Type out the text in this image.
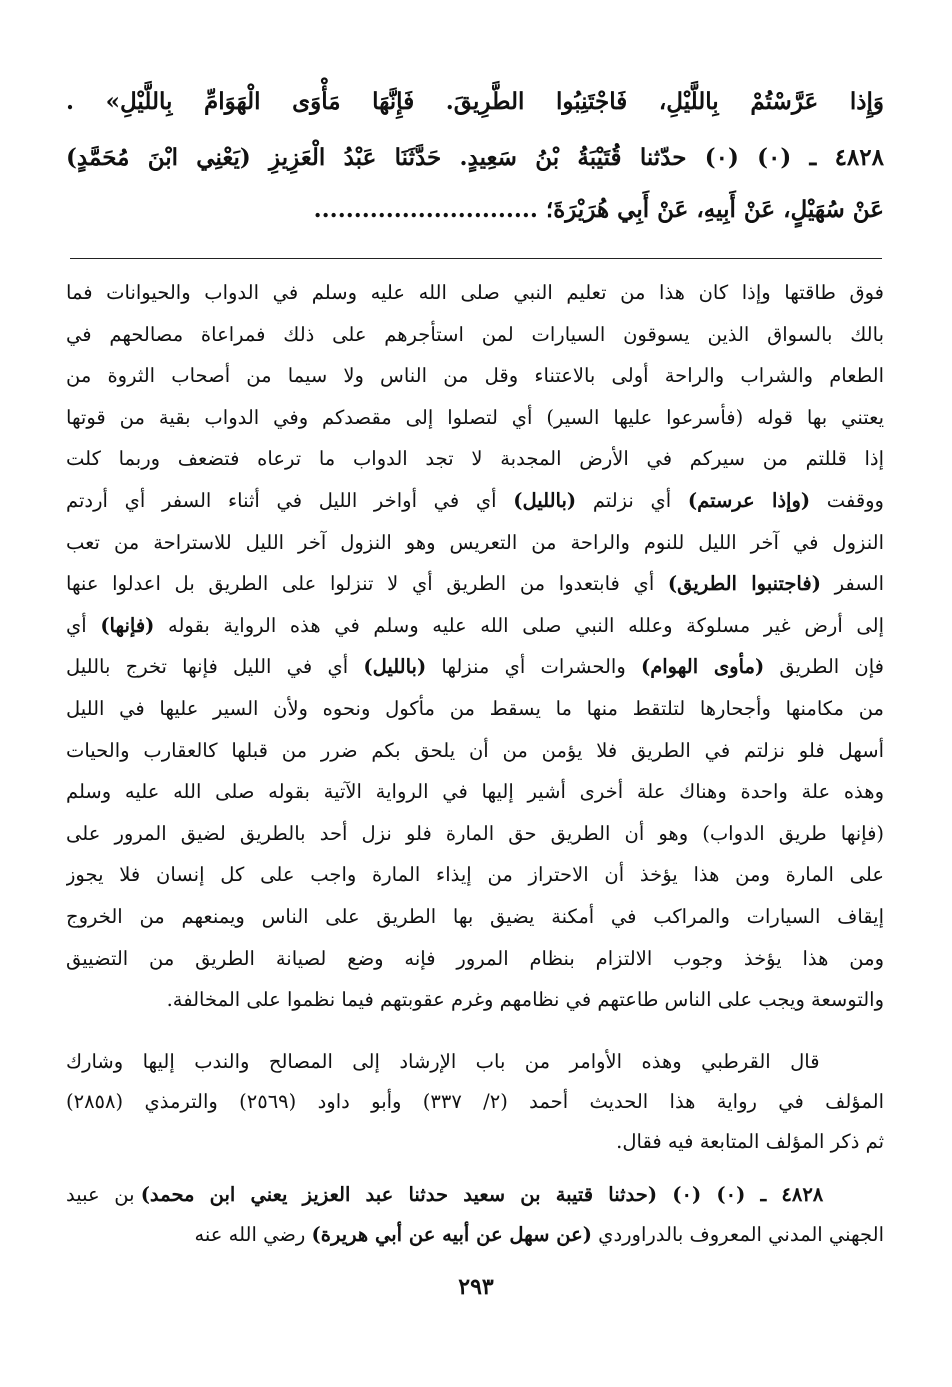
وَإِذا عَرَّسْتُمْ بِاللَّيْلِ، فَاجْتَنِبُوا الطَّرِيقَ. فَإِنَّهَا مَأْوَى الْهَوَامِّ بِاللَّيْلِ» .
٤٨٢٨ ـ (٠) (٠) حدّثنا قُتَيْبَةُ بْنُ سَعِيدٍ. حَدَّثَنَا عَبْدُ الْعَزِيزِ (يَعْنِي ابْنَ مُحَمَّدٍ)
عَنْ سُهَيْلٍ، عَنْ أَبِيهِ، عَنْ أَبِي هُرَيْرَةَ؛ ............................
فوق طاقتها وإذا كان هذا من تعليم النبي صلى الله عليه وسلم في الدواب والحيوانات فما
بالك بالسواق الذين يسوقون السيارات لمن استأجرهم على ذلك فمراعاة مصالحهم في
الطعام والشراب والراحة أولى بالاعتناء وقل من الناس ولا سيما من أصحاب الثروة من
يعتني بها قوله (فأسرعوا عليها السير) أي لتصلوا إلى مقصدكم وفي الدواب بقية من قوتها
إذا قللتم من سيركم في الأرض المجدبة لا تجد الدواب ما ترعاه فتضعف وربما كلت
ووقفت (وإذا عرستم) أي نزلتم (بالليل) أي في أواخر الليل في أثناء السفر أي أردتم
النزول في آخر الليل للنوم والراحة من التعريس وهو النزول آخر الليل للاستراحة من تعب
السفر (فاجتنبوا الطريق) أي فابتعدوا من الطريق أي لا تنزلوا على الطريق بل اعدلوا عنها
إلى أرض غير مسلوكة وعلله النبي صلى الله عليه وسلم في هذه الرواية بقوله (فإنها) أي
فإن الطريق (مأوى الهوام) والحشرات أي منزلها (بالليل) أي في الليل فإنها تخرج بالليل
من مكامنها وأجحارها لتلتقط منها ما يسقط من مأكول ونحوه ولأن السير عليها في الليل
أسهل فلو نزلتم في الطريق فلا يؤمن من أن يلحق بكم ضرر من قبلها كالعقارب والحيات
وهذه علة واحدة وهناك علة أخرى أشير إليها في الرواية الآتية بقوله صلى الله عليه وسلم
(فإنها طريق الدواب) وهو أن الطريق حق المارة فلو نزل أحد بالطريق لضيق المرور على
على المارة ومن هذا يؤخذ أن الاحتراز من إيذاء المارة واجب على كل إنسان فلا يجوز
إيقاف السيارات والمراكب في أمكنة يضيق بها الطريق على الناس ويمنعهم من الخروج
ومن هذا يؤخذ وجوب الالتزام بنظام المرور فإنه وضع لصيانة الطريق من التضييق
والتوسعة ويجب على الناس طاعتهم في نظامهم وغرم عقوبتهم فيما نظموا على المخالفة.
قال القرطبي وهذه الأوامر من باب الإرشاد إلى المصالح والندب إليها وشارك
المؤلف في رواية هذا الحديث أحمد (٢/ ٣٣٧) وأبو داود (٢٥٦٩) والترمذي (٢٨٥٨)
ثم ذكر المؤلف المتابعة فيه فقال.
٤٨٢٨ ـ (٠) (٠) (حدثنا قتيبة بن سعيد حدثنا عبد العزيز يعني ابن محمد) بن عبيد
الجهني المدني المعروف بالدراوردي (عن سهل عن أبيه عن أبي هريرة) رضي الله عنه
٢٩٣
